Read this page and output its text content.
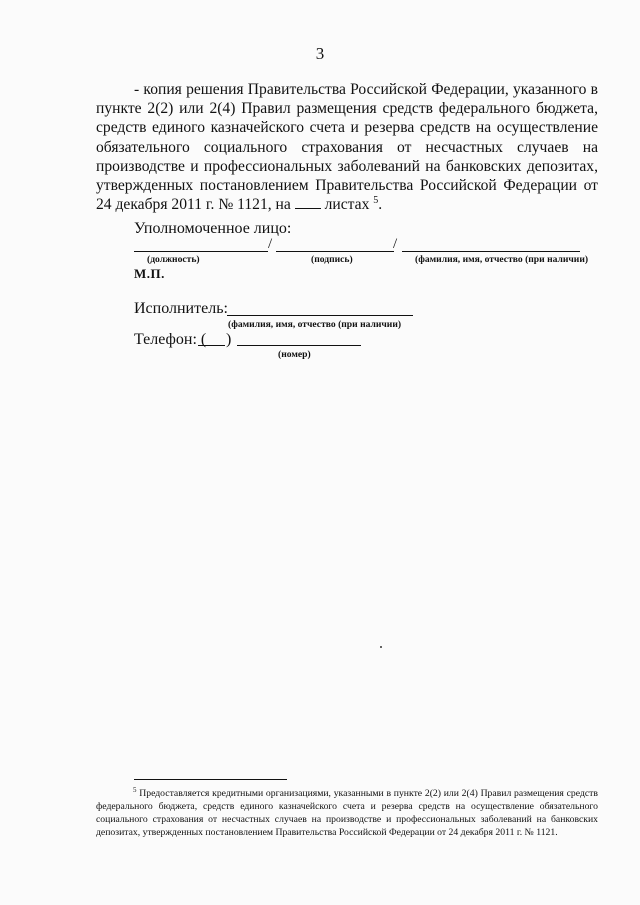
3

- копия решения Правительства Российской Федерации, указанного в пункте 2(2) или 2(4) Правил размещения средств федерального бюджета, средств единого казначейского счета и резерва средств на осуществление обязательного социального страхования от несчастных случаев на производстве и профессиональных заболеваний на банковских депозитах, утвержденных постановлением Правительства Российской Федерации от 24 декабря 2011 г. № 1121, на  листах $^5$.

Уполномоченное лицо:
/	/
(должность)	(подпись)	(фамилия, имя, отчество (при наличии)
М.П.
Исполнитель:
(фамилия, имя, отчество (при наличии)
Телефон: ( )
(номер)

$^5$ Предоставляется кредитными организациями, указанными в пункте 2(2) или 2(4) Правил размещения средств федерального бюджета, средств единого казначейского счета и резерва средств на осуществление обязательного социального страхования от несчастных случаев на производстве и профессиональных заболеваний на банковских депозитах, утвержденных постановлением Правительства Российской Федерации от 24 декабря 2011 г. № 1121.
